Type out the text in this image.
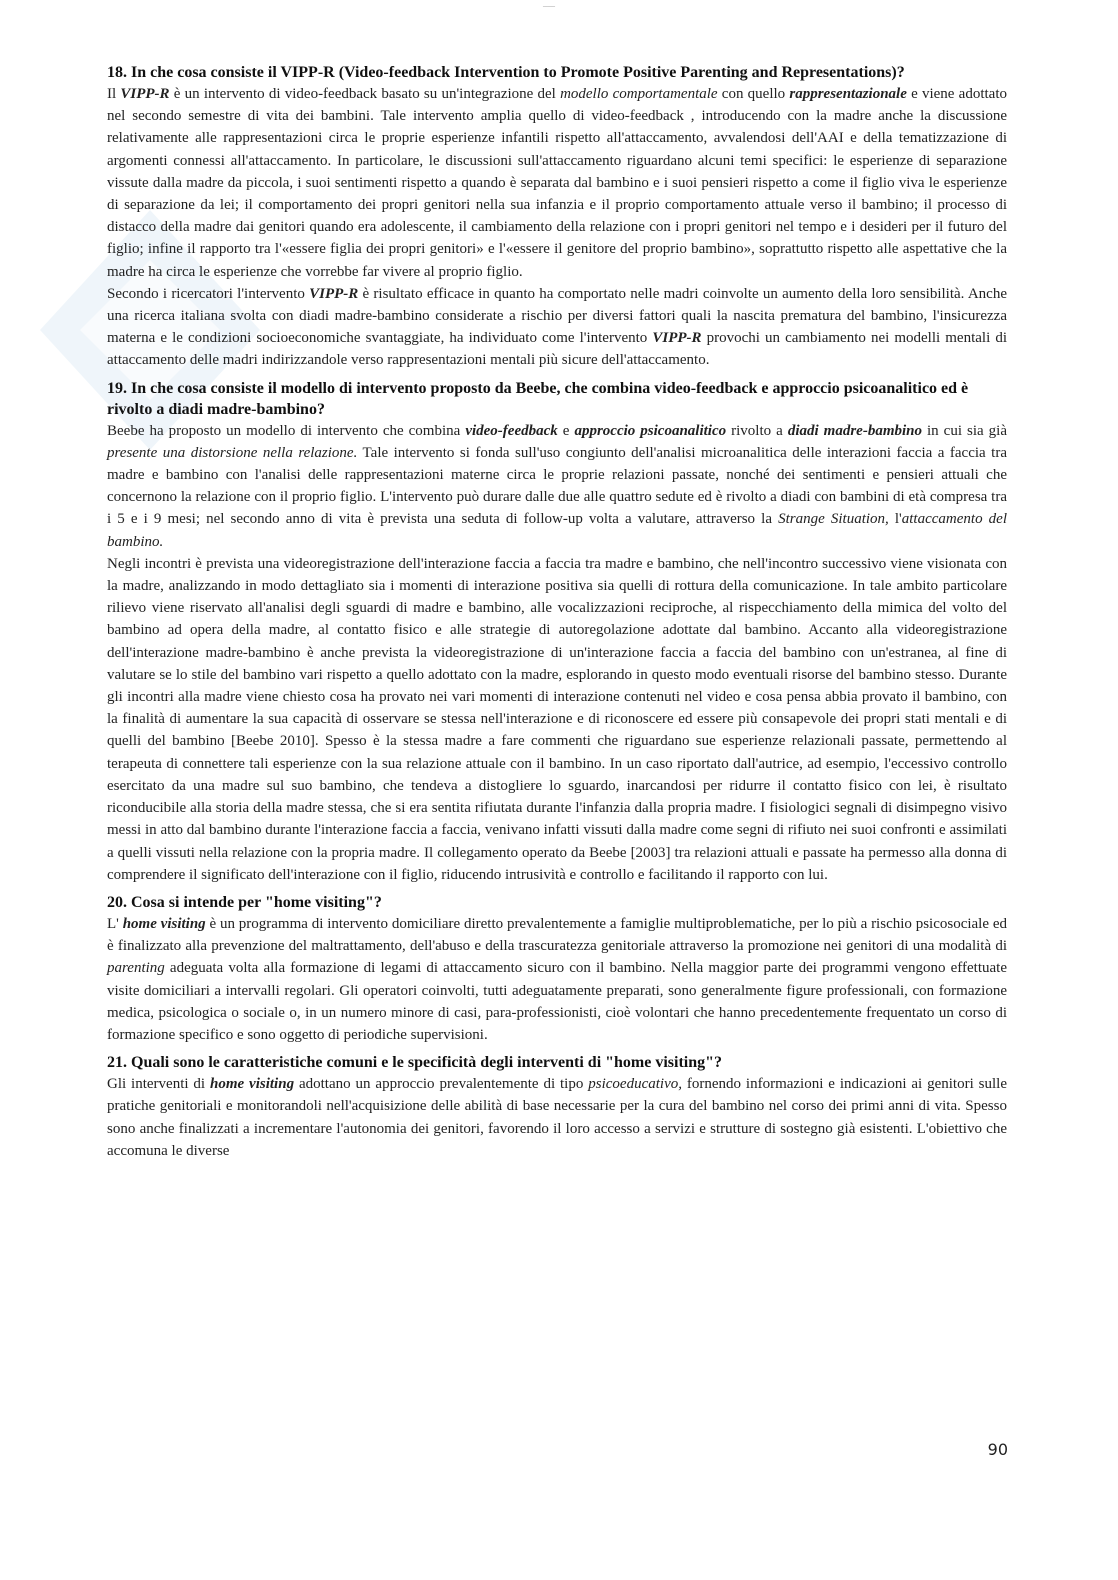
____
18. In che cosa consiste il VIPP-R (Video-feedback Intervention to Promote Positive Parenting and Representations)?

Il VIPP-R è un intervento di video-feedback basato su un'integrazione del modello comportamentale con quello rappresentazionale e viene adottato nel secondo semestre di vita dei bambini. Tale intervento amplia quello di video-feedback , introducendo con la madre anche la discussione relativamente alle rappresentazioni circa le proprie esperienze infantili rispetto all'attaccamento, avvalendosi dell'AAI e della tematizzazione di argomenti connessi all'attaccamento. In particolare, le discussioni sull'attaccamento riguardano alcuni temi specifici: le esperienze di separazione vissute dalla madre da piccola, i suoi sentimenti rispetto a quando è separata dal bambino e i suoi pensieri rispetto a come il figlio viva le esperienze di separazione da lei; il comportamento dei propri genitori nella sua infanzia e il proprio comportamento attuale verso il bambino; il processo di distacco della madre dai genitori quando era adolescente, il cambiamento della relazione con i propri genitori nel tempo e i desideri per il futuro del figlio; infine il rapporto tra l'«essere figlia dei propri genitori» e l'«essere il genitore del proprio bambino», soprattutto rispetto alle aspettative che la madre ha circa le esperienze che vorrebbe far vivere al proprio figlio.

Secondo i ricercatori l'intervento VIPP-R è risultato efficace in quanto ha comportato nelle madri coinvolte un aumento della loro sensibilità. Anche una ricerca italiana svolta con diadi madre-bambino considerate a rischio per diversi fattori quali la nascita prematura del bambino, l'insicurezza materna e le condizioni socioeconomiche svantaggiate, ha individuato come l'intervento VIPP-R provochi un cambiamento nei modelli mentali di attaccamento delle madri indirizzandole verso rappresentazioni mentali più sicure dell'attaccamento.

19. In che cosa consiste il modello di intervento proposto da Beebe, che combina video-feedback e approccio psicoanalitico ed è rivolto a diadi madre-bambino?

Beebe ha proposto un modello di intervento che combina video-feedback e approccio psicoanalitico rivolto a diadi madre-bambino in cui sia già presente una distorsione nella relazione. Tale intervento si fonda sull'uso congiunto dell'analisi microanalitica delle interazioni faccia a faccia tra madre e bambino con l'analisi delle rappresentazioni materne circa le proprie relazioni passate, nonché dei sentimenti e pensieri attuali che concernono la relazione con il proprio figlio. L'intervento può durare dalle due alle quattro sedute ed è rivolto a diadi con bambini di età compresa tra i 5 e i 9 mesi; nel secondo anno di vita è prevista una seduta di follow-up volta a valutare, attraverso la Strange Situation, l'attaccamento del bambino.

Negli incontri è prevista una videoregistrazione dell'interazione faccia a faccia tra madre e bambino, che nell'incontro successivo viene visionata con la madre, analizzando in modo dettagliato sia i momenti di interazione positiva sia quelli di rottura della comunicazione. In tale ambito particolare rilievo viene riservato all'analisi degli sguardi di madre e bambino, alle vocalizzazioni reciproche, al rispecchiamento della mimica del volto del bambino ad opera della madre, al contatto fisico e alle strategie di autoregolazione adottate dal bambino. Accanto alla videoregistrazione dell'interazione madre-bambino è anche prevista la videoregistrazione di un'interazione faccia a faccia del bambino con un'estranea, al fine di valutare se lo stile del bambino vari rispetto a quello adottato con la madre, esplorando in questo modo eventuali risorse del bambino stesso. Durante gli incontri alla madre viene chiesto cosa ha provato nei vari momenti di interazione contenuti nel video e cosa pensa abbia provato il bambino, con la finalità di aumentare la sua capacità di osservare se stessa nell'interazione e di riconoscere ed essere più consapevole dei propri stati mentali e di quelli del bambino [Beebe 2010]. Spesso è la stessa madre a fare commenti che riguardano sue esperienze relazionali passate, permettendo al terapeuta di connettere tali esperienze con la sua relazione attuale con il bambino. In un caso riportato dall'autrice, ad esempio, l'eccessivo controllo esercitato da una madre sul suo bambino, che tendeva a distogliere lo sguardo, inarcandosi per ridurre il contatto fisico con lei, è risultato riconducibile alla storia della madre stessa, che si era sentita rifiutata durante l'infanzia dalla propria madre. I fisiologici segnali di disimpegno visivo messi in atto dal bambino durante l'interazione faccia a faccia, venivano infatti vissuti dalla madre come segni di rifiuto nei suoi confronti e assimilati a quelli vissuti nella relazione con la propria madre. Il collegamento operato da Beebe [2003] tra relazioni attuali e passate ha permesso alla donna di comprendere il significato dell'interazione con il figlio, riducendo intrusività e controllo e facilitando il rapporto con lui.

20. Cosa si intende per "home visiting"?

L' home visiting è un programma di intervento domiciliare diretto prevalentemente a famiglie multiproblematiche, per lo più a rischio psicosociale ed è finalizzato alla prevenzione del maltrattamento, dell'abuso e della trascuratezza genitoriale attraverso la promozione nei genitori di una modalità di parenting adeguata volta alla formazione di legami di attaccamento sicuro con il bambino. Nella maggior parte dei programmi vengono effettuate visite domiciliari a intervalli regolari. Gli operatori coinvolti, tutti adeguatamente preparati, sono generalmente figure professionali, con formazione medica, psicologica o sociale o, in un numero minore di casi, para-professionisti, cioè volontari che hanno precedentemente frequentato un corso di formazione specifico e sono oggetto di periodiche supervisioni.

21. Quali sono le caratteristiche comuni e le specificità degli interventi di "home visiting"?

Gli interventi di home visiting adottano un approccio prevalentemente di tipo psicoeducativo, fornendo informazioni e indicazioni ai genitori sulle pratiche genitoriali e monitorandoli nell'acquisizione delle abilità di base necessarie per la cura del bambino nel corso dei primi anni di vita. Spesso sono anche finalizzati a incrementare l'autonomia dei genitori, favorendo il loro accesso a servizi e strutture di sostegno già esistenti. L'obiettivo che accomuna le diverse

90
